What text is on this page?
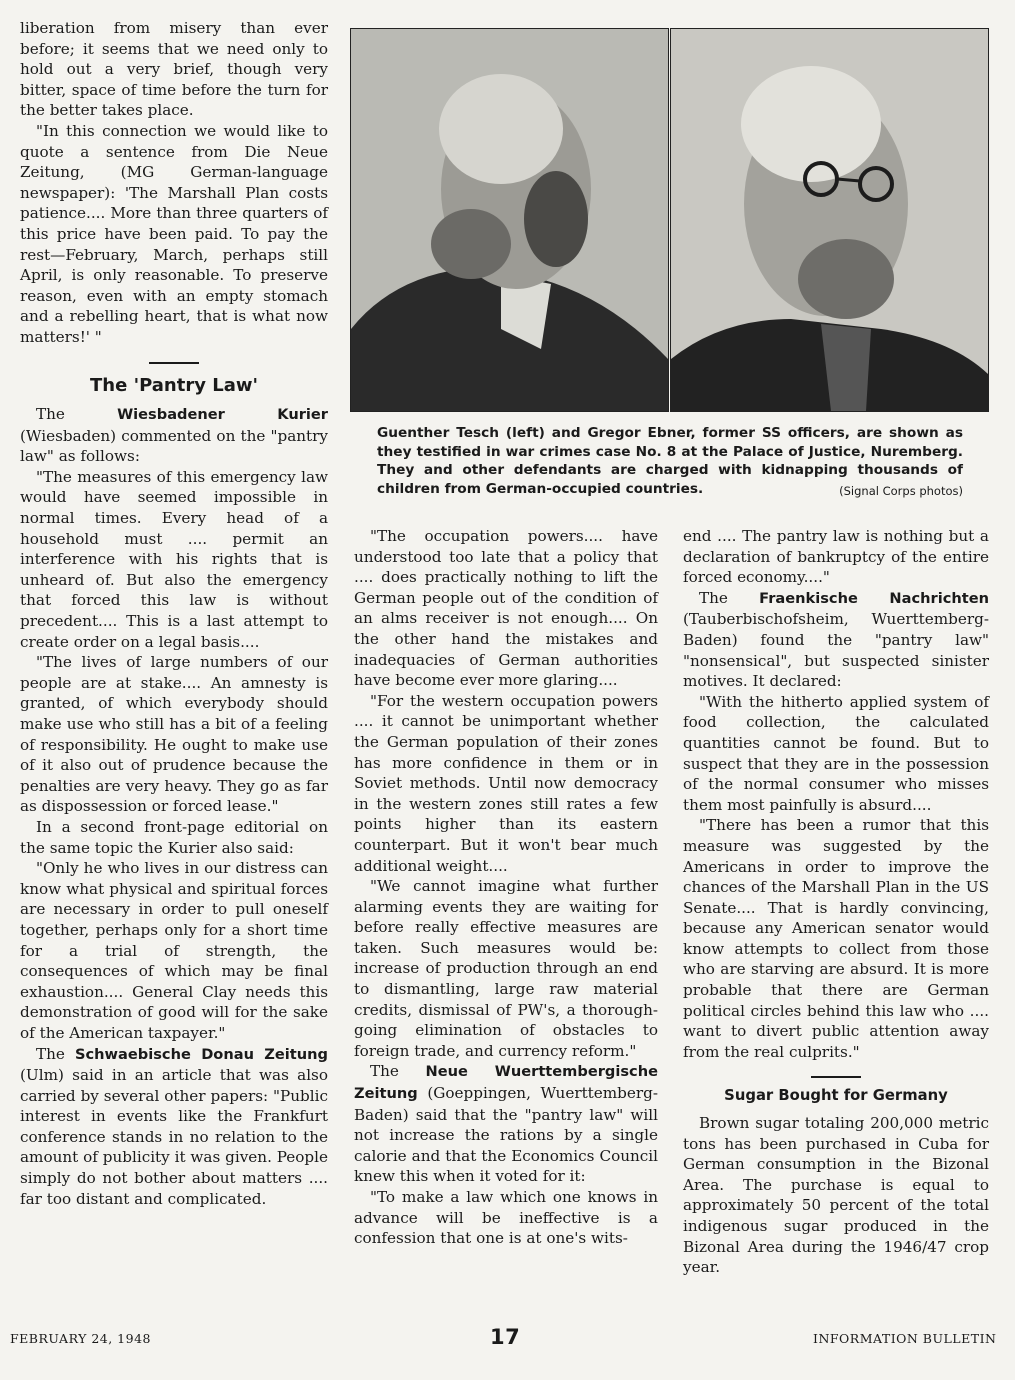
liberation from misery than ever before; it seems that we need only to hold out a very brief, though very bitter, space of time before the turn for the better takes place.

"In this connection we would like to quote a sentence from Die Neue Zeitung, (MG German-language newspaper): 'The Marshall Plan costs patience.... More than three quarters of this price have been paid. To pay the rest—February, March, perhaps still April, is only reasonable. To preserve reason, even with an empty stomach and a rebelling heart, that is what now matters!' "

The 'Pantry Law'

The	Wiesbadener Kurier (Wiesbaden) commented on the "pantry law" as follows:

"The measures of this emergency law would have seemed impossible in normal times. Every head of a household must .... permit an interference with his rights that is unheard of. But also the emergency that forced this law is without precedent.... This is a last attempt to create order on a legal basis....

"The lives of large numbers of our people are at stake.... An amnesty is granted, of which everybody should make use who still has a bit of a feeling of responsibility. He ought to make use of it also out of prudence because the penalties are very heavy. They go as far as dispossession or forced lease."

In a second front-page editorial on the same topic the Kurier also said:

"Only he who lives in our distress can know what physical and spiritual forces are necessary in order to pull oneself together, perhaps only for a short time for a trial of strength, the consequences of which may be final exhaustion.... General Clay needs this demonstration of good will for the sake of the American taxpayer."

The Schwaebische Donau Zeitung (Ulm) said in an article that was also carried by several other papers: "Public interest in events like the Frankfurt conference stands in no relation to the amount of publicity it was given. People simply do not bother about matters .... far too distant and complicated.

Guenther Tesch (left) and Gregor Ebner, former SS officers, are shown as they testified in war crimes case No. 8 at the Palace of Justice, Nuremberg. They and other defendants are charged with kidnapping thousands of children from German-occupied countries.	(Signal Corps photos)

"The occupation powers.... have understood too late that a policy that .... does practically nothing to lift the German people out of the condition of an alms receiver is not enough.... On the other hand the mistakes and inadequacies of German authorities have become ever more glaring....

"For the western occupation powers .... it cannot be unimportant whether the German population of their zones has more confidence in them or in Soviet methods. Until now democracy in the western zones still rates a few points higher than its eastern counterpart. But it won't bear much additional weight....

"We cannot imagine what further alarming events they are waiting for before really effective measures are taken. Such measures would be: increase of production through an end to dismantling, large raw material credits, dismissal of PW's, a thorough-going elimination of obstacles to foreign trade, and currency reform."

The Neue Wuerttembergische Zeitung (Goeppingen, Wuerttemberg-Baden) said that the "pantry law" will not increase the rations by a single calorie and that the Economics Council knew this when it voted for it:

"To make a law which one knows in advance will be ineffective is a confession that one is at one's wits-

end .... The pantry law is nothing but a declaration of bankruptcy of the entire forced economy...."

The Fraenkische Nachrichten (Tauberbischofsheim, Wuerttemberg-Baden) found the "pantry law" "nonsensical", but suspected sinister motives. It declared:

"With the hitherto applied system of food collection, the calculated quantities cannot be found. But to suspect that they are in the possession of the normal consumer who misses them most painfully is absurd....

"There has been a rumor that this measure was suggested by the Americans in order to improve the chances of the Marshall Plan in the US Senate.... That is hardly convincing, because any American senator would know attempts to collect from those who are starving are absurd. It is more probable that there are German political circles behind this law who .... want to divert public attention away from the real culprits."

Sugar Bought for Germany

Brown sugar totaling 200,000 metric tons has been purchased in Cuba for German consumption in the Bizonal Area. The purchase is equal to approximately 50 percent of the total indigenous sugar produced in the Bizonal Area during the 1946/47 crop year.

FEBRUARY 24, 1948	17	INFORMATION BULLETIN
